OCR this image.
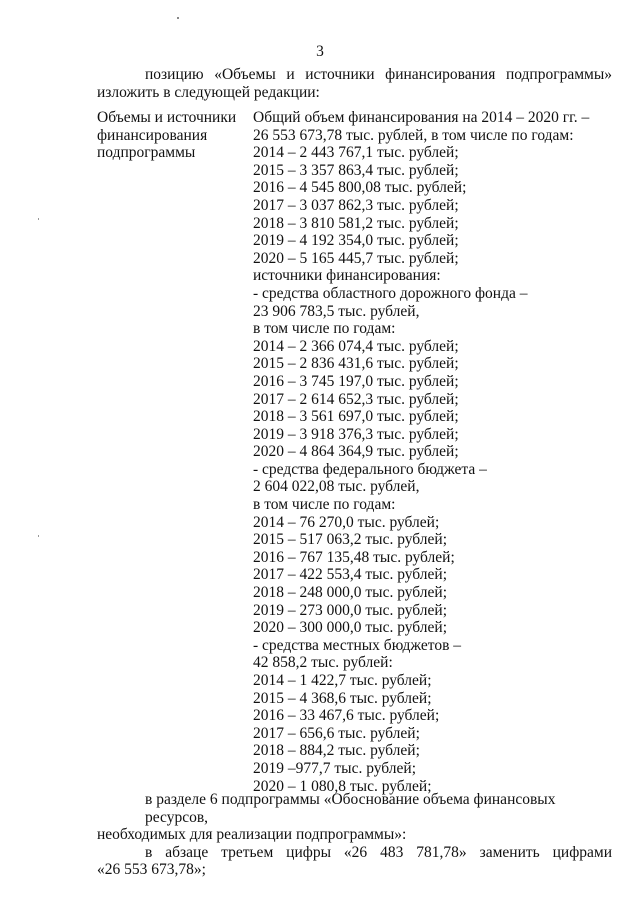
3
позицию «Объемы и источники финансирования подпрограммы»
изложить в следующей редакции:
Объемы и источники
финансирования
подпрограммы
Общий объем финансирования на 2014 – 2020 гг. –
26 553 673,78 тыс. рублей, в том числе по годам:
2014 – 2 443 767,1 тыс. рублей;
2015 – 3 357 863,4 тыс. рублей;
2016 – 4 545 800,08 тыс. рублей;
2017 – 3 037 862,3 тыс. рублей;
2018 – 3 810 581,2 тыс. рублей;
2019 – 4 192 354,0 тыс. рублей;
2020 – 5 165 445,7 тыс. рублей;
источники финансирования:
- средства областного дорожного фонда –
23 906 783,5 тыс. рублей,
в том числе по годам:
2014 – 2 366 074,4 тыс. рублей;
2015 – 2 836 431,6 тыс. рублей;
2016 – 3 745 197,0 тыс. рублей;
2017 – 2 614 652,3 тыс. рублей;
2018 – 3 561 697,0 тыс. рублей;
2019 – 3 918 376,3 тыс. рублей;
2020 – 4 864 364,9 тыс. рублей;
- средства федерального бюджета –
2 604 022,08 тыс. рублей,
в том числе по годам:
2014 – 76 270,0 тыс. рублей;
2015 – 517 063,2 тыс. рублей;
2016 – 767 135,48 тыс. рублей;
2017 – 422 553,4 тыс. рублей;
2018 – 248 000,0 тыс. рублей;
2019 – 273 000,0 тыс. рублей;
2020 – 300 000,0 тыс. рублей;
- средства местных бюджетов –
42 858,2 тыс. рублей:
2014 – 1 422,7 тыс. рублей;
2015 – 4 368,6 тыс. рублей;
2016 – 33 467,6 тыс. рублей;
2017 – 656,6 тыс. рублей;
2018 – 884,2 тыс. рублей;
2019 –977,7 тыс. рублей;
2020 – 1 080,8 тыс. рублей;
в разделе 6 подпрограммы «Обоснование объема финансовых ресурсов,
необходимых для реализации подпрограммы»:
в абзаце третьем цифры «26 483 781,78» заменить цифрами
«26 553 673,78»;
